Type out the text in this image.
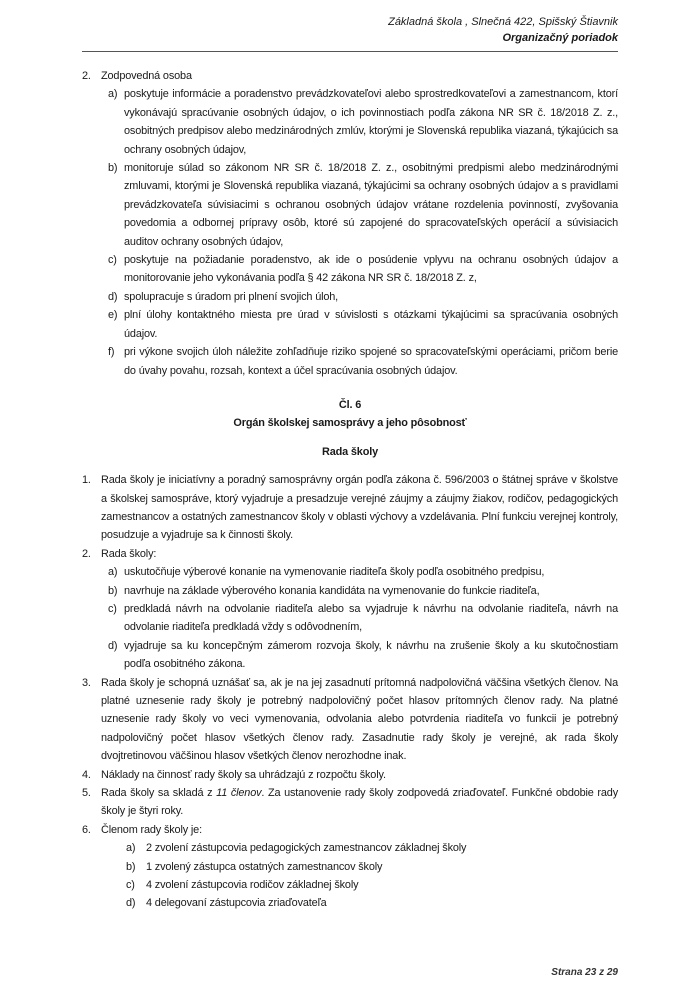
Základná škola , Slnečná 422, Spišský Štiavnik
Organizačný poriadok
2. Zodpovedná osoba
a) poskytuje informácie a poradenstvo prevádzkovateľovi alebo sprostredkovateľovi a zamestnancom, ktorí vykonávajú spracúvanie osobných údajov, o ich povinnostiach podľa zákona NR SR č. 18/2018 Z. z., osobitných predpisov alebo medzinárodných zmlúv, ktorými je Slovenská republika viazaná, týkajúcich sa ochrany osobných údajov,
b) monitoruje súlad so zákonom NR SR č. 18/2018 Z. z., osobitnými predpismi alebo medzinárodnými zmluvami, ktorými je Slovenská republika viazaná, týkajúcimi sa ochrany osobných údajov a s pravidlami prevádzkovateľa súvisiacimi s ochranou osobných údajov vrátane rozdelenia povinností, zvyšovania povedomia a odbornej prípravy osôb, ktoré sú zapojené do spracovateľských operácií a súvisiacich auditov ochrany osobných údajov,
c) poskytuje na požiadanie poradenstvo, ak ide o posúdenie vplyvu na ochranu osobných údajov a monitorovanie jeho vykonávania podľa § 42 zákona NR SR č. 18/2018 Z. z,
d) spolupracuje s úradom pri plnení svojich úloh,
e) plní úlohy kontaktného miesta pre úrad v súvislosti s otázkami týkajúcimi sa spracúvania osobných údajov.
f) pri výkone svojich úloh náležite zohľadňuje riziko spojené so spracovateľskými operáciami, pričom berie do úvahy povahu, rozsah, kontext a účel spracúvania osobných údajov.
Čl. 6
Orgán školskej samosprávy a jeho pôsobnosť
Rada školy
1. Rada školy je iniciatívny a poradný samosprávny orgán podľa zákona č. 596/2003 o štátnej správe v školstve a školskej samospráve, ktorý vyjadruje a presadzuje verejné záujmy a záujmy žiakov, rodičov, pedagogických zamestnancov a ostatných zamestnancov školy v oblasti výchovy a vzdelávania. Plní funkciu verejnej kontroly, posudzuje a vyjadruje sa k činnosti školy.
2. Rada školy:
a) uskutočňuje výberové konanie na vymenovanie riaditeľa školy podľa osobitného predpisu,
b) navrhuje na základe výberového konania kandidáta na vymenovanie do funkcie riaditeľa,
c) predkladá návrh na odvolanie riaditeľa alebo sa vyjadruje k návrhu na odvolanie riaditeľa, návrh na odvolanie riaditeľa predkladá vždy s odôvodnením,
d) vyjadruje sa ku koncepčným zámerom rozvoja školy, k návrhu na zrušenie školy a ku skutočnostiam podľa osobitného zákona.
3. Rada školy je schopná uznášať sa, ak je na jej zasadnutí prítomná nadpolovičná väčšina všetkých členov. Na platné uznesenie rady školy je potrebný nadpolovičný počet hlasov prítomných členov rady. Na platné uznesenie rady školy vo veci vymenovania, odvolania alebo potvrdenia riaditeľa vo funkcii je potrebný nadpolovičný počet hlasov všetkých členov rady. Zasadnutie rady školy je verejné, ak rada školy dvojtretinovou väčšinou hlasov všetkých členov nerozhodne inak.
4. Náklady na činnosť rady školy sa uhrádzajú z rozpočtu školy.
5. Rada školy sa skladá z 11 členov. Za ustanovenie rady školy zodpovedá zriaďovateľ. Funkčné obdobie rady školy je štyri roky.
6. Členom rady školy je:
a) 2 zvolení zástupcovia pedagogických zamestnancov základnej školy
b) 1 zvolený zástupca ostatných zamestnancov školy
c) 4 zvolení zástupcovia rodičov základnej školy
d) 4 delegovaní zástupcovia zriaďovateľa
Strana 23 z 29
